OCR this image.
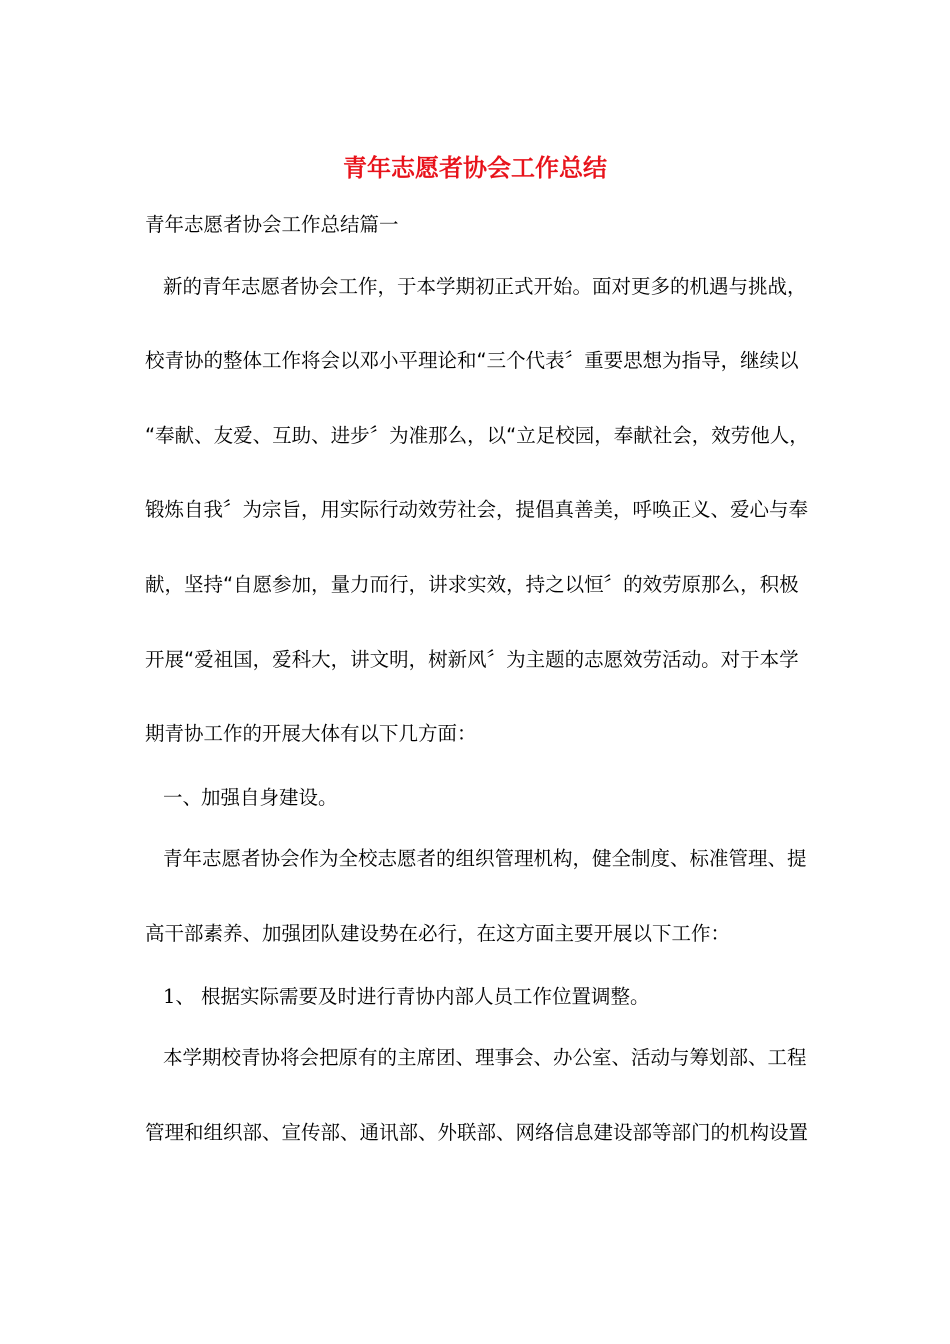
青年志愿者协会工作总结
青年志愿者协会工作总结篇一
新的青年志愿者协会工作，于本学期初正式开始。面对更多的机遇与挑战，
校青协的整体工作将会以邓小平理论和“三个代表〞重要思想为指导，继续以
“奉献、友爱、互助、进步〞为准那么，以“立足校园，奉献社会，效劳他人，
锻炼自我〞为宗旨，用实际行动效劳社会，提倡真善美，呼唤正义、爱心与奉
献，坚持“自愿参加，量力而行，讲求实效，持之以恒〞的效劳原那么，积极
开展“爱祖国，爱科大，讲文明，树新风〞为主题的志愿效劳活动。对于本学
期青协工作的开展大体有以下几方面：
一、加强自身建设。
青年志愿者协会作为全校志愿者的组织管理机构，健全制度、标准管理、提
高干部素养、加强团队建设势在必行，在这方面主要开展以下工作：
1、 根据实际需要及时进行青协内部人员工作位置调整。
本学期校青协将会把原有的主席团、理事会、办公室、活动与筹划部、工程
管理和组织部、宣传部、通讯部、外联部、网络信息建设部等部门的机构设置
